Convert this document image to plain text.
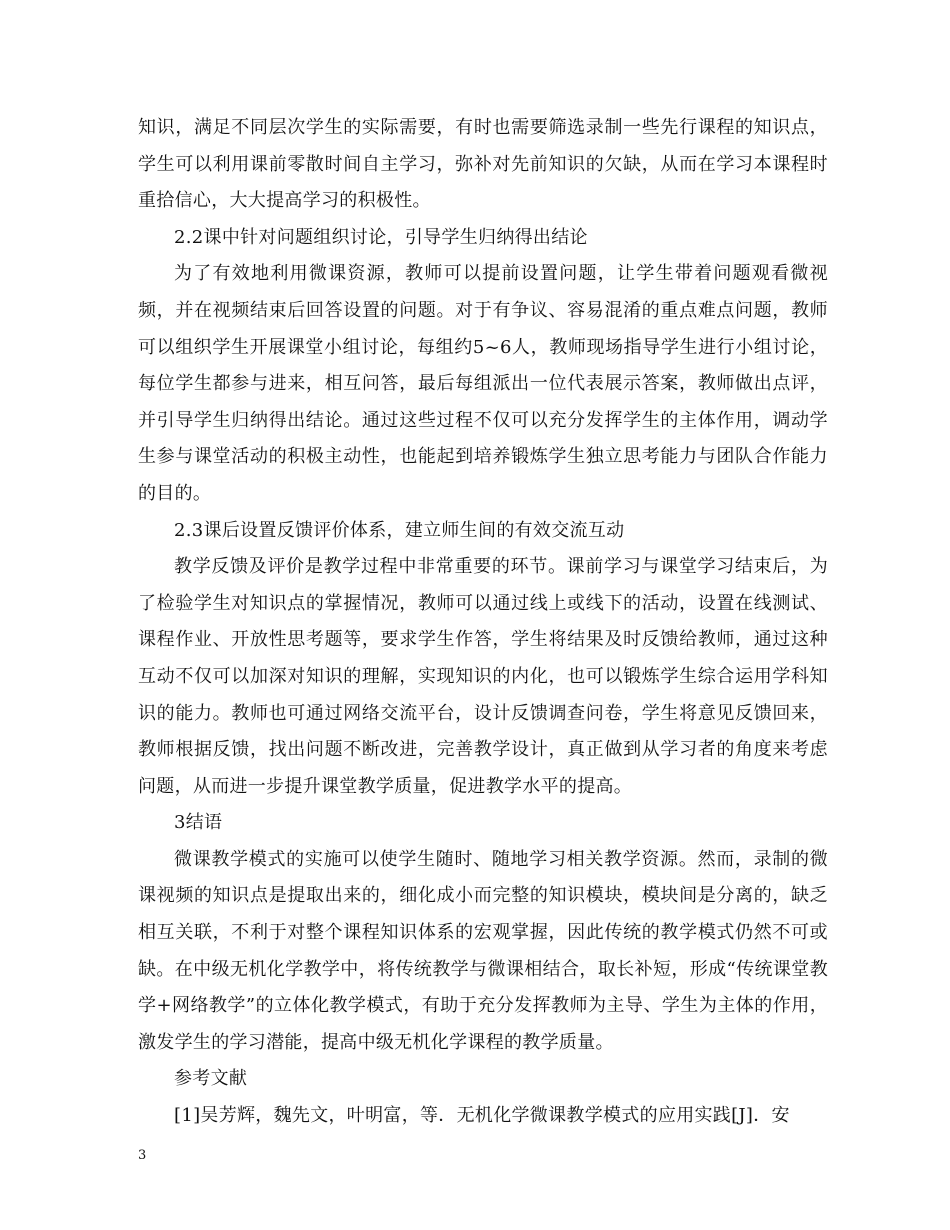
知识，满足不同层次学生的实际需要，有时也需要筛选录制一些先行课程的知识点，学生可以利用课前零散时间自主学习，弥补对先前知识的欠缺，从而在学习本课程时重拾信心，大大提高学习的积极性。

2.2课中针对问题组织讨论，引导学生归纳得出结论

为了有效地利用微课资源，教师可以提前设置问题，让学生带着问题观看微视频，并在视频结束后回答设置的问题。对于有争议、容易混淆的重点难点问题，教师可以组织学生开展课堂小组讨论，每组约5~6人，教师现场指导学生进行小组讨论，每位学生都参与进来，相互问答，最后每组派出一位代表展示答案，教师做出点评，并引导学生归纳得出结论。通过这些过程不仅可以充分发挥学生的主体作用，调动学生参与课堂活动的积极主动性，也能起到培养锻炼学生独立思考能力与团队合作能力的目的。

2.3课后设置反馈评价体系，建立师生间的有效交流互动

教学反馈及评价是教学过程中非常重要的环节。课前学习与课堂学习结束后，为了检验学生对知识点的掌握情况，教师可以通过线上或线下的活动，设置在线测试、课程作业、开放性思考题等，要求学生作答，学生将结果及时反馈给教师，通过这种互动不仅可以加深对知识的理解，实现知识的内化，也可以锻炼学生综合运用学科知识的能力。教师也可通过网络交流平台，设计反馈调查问卷，学生将意见反馈回来，教师根据反馈，找出问题不断改进，完善教学设计，真正做到从学习者的角度来考虑问题，从而进一步提升课堂教学质量，促进教学水平的提高。

3结语

微课教学模式的实施可以使学生随时、随地学习相关教学资源。然而，录制的微课视频的知识点是提取出来的，细化成小而完整的知识模块，模块间是分离的，缺乏相互关联，不利于对整个课程知识体系的宏观掌握，因此传统的教学模式仍然不可或缺。在中级无机化学教学中，将传统教学与微课相结合，取长补短，形成“传统课堂教学+网络教学”的立体化教学模式，有助于充分发挥教师为主导、学生为主体的作用，激发学生的学习潜能，提高中级无机化学课程的教学质量。

参考文献

[1]吴芳辉，魏先文，叶明富，等．无机化学微课教学模式的应用实践[J]．安

3
